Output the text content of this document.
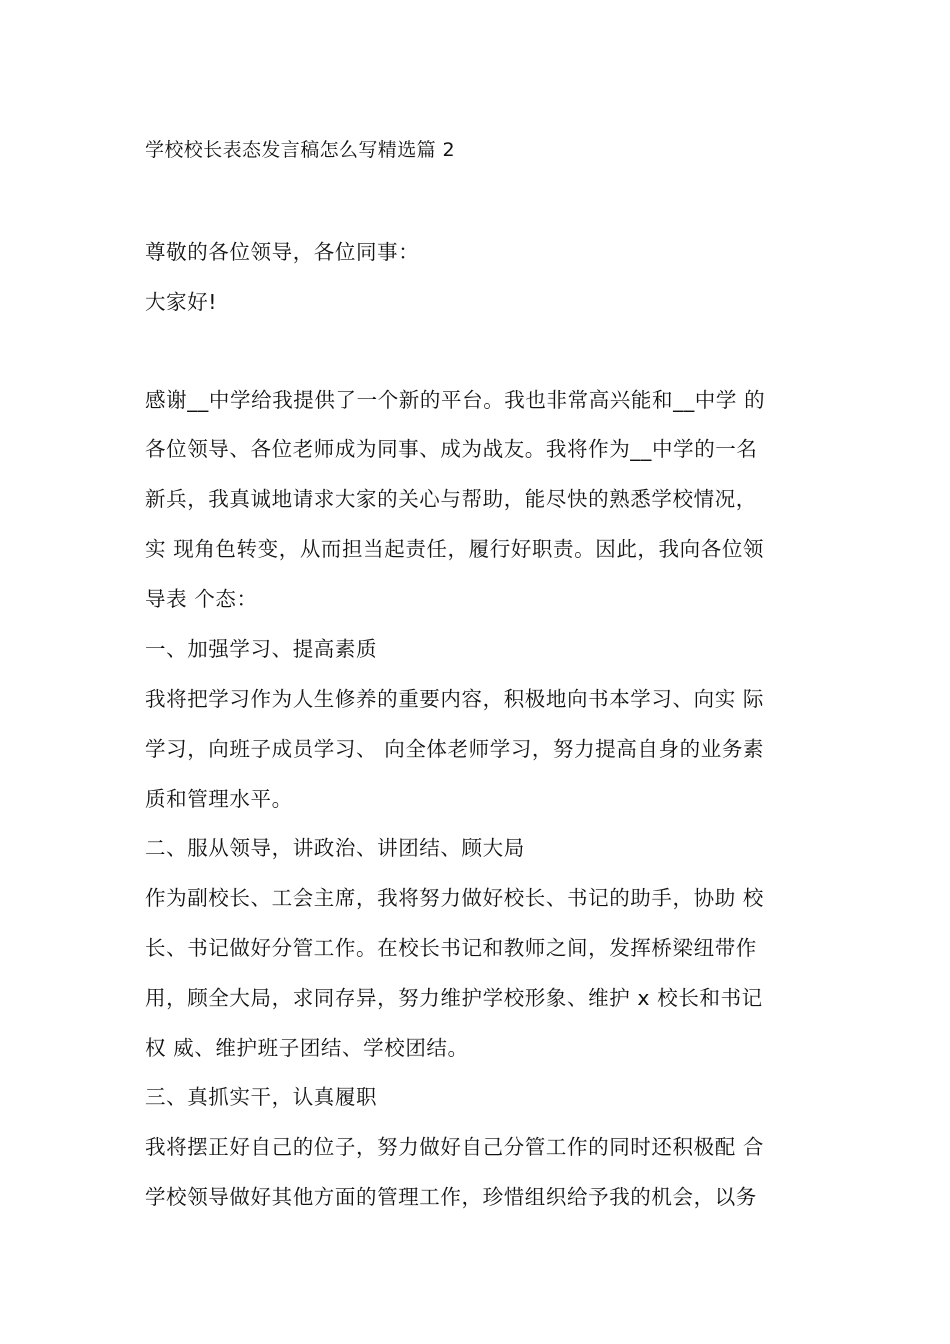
学校校长表态发言稿怎么写精选篇 2
尊敬的各位领导，各位同事：
大家好!
感谢__中学给我提供了一个新的平台。我也非常高兴能和__中学 的
各位领导、各位老师成为同事、成为战友。我将作为__中学的一名
新兵，我真诚地请求大家的关心与帮助，能尽快的熟悉学校情况，
实 现角色转变，从而担当起责任，履行好职责。因此，我向各位领
导表 个态：
一、加强学习、提高素质
我将把学习作为人生修养的重要内容，积极地向书本学习、向实 际
学习，向班子成员学习、 向全体老师学习，努力提高自身的业务素
质和管理水平。
二、服从领导，讲政治、讲团结、顾大局
作为副校长、工会主席，我将努力做好校长、书记的助手，协助 校
长、书记做好分管工作。在校长书记和教师之间，发挥桥梁纽带作
用，顾全大局，求同存异，努力维护学校形象、维护 x 校长和书记
权 威、维护班子团结、学校团结。
三、真抓实干，认真履职
我将摆正好自己的位子，努力做好自己分管工作的同时还积极配 合
学校领导做好其他方面的管理工作，珍惜组织给予我的机会，以务
